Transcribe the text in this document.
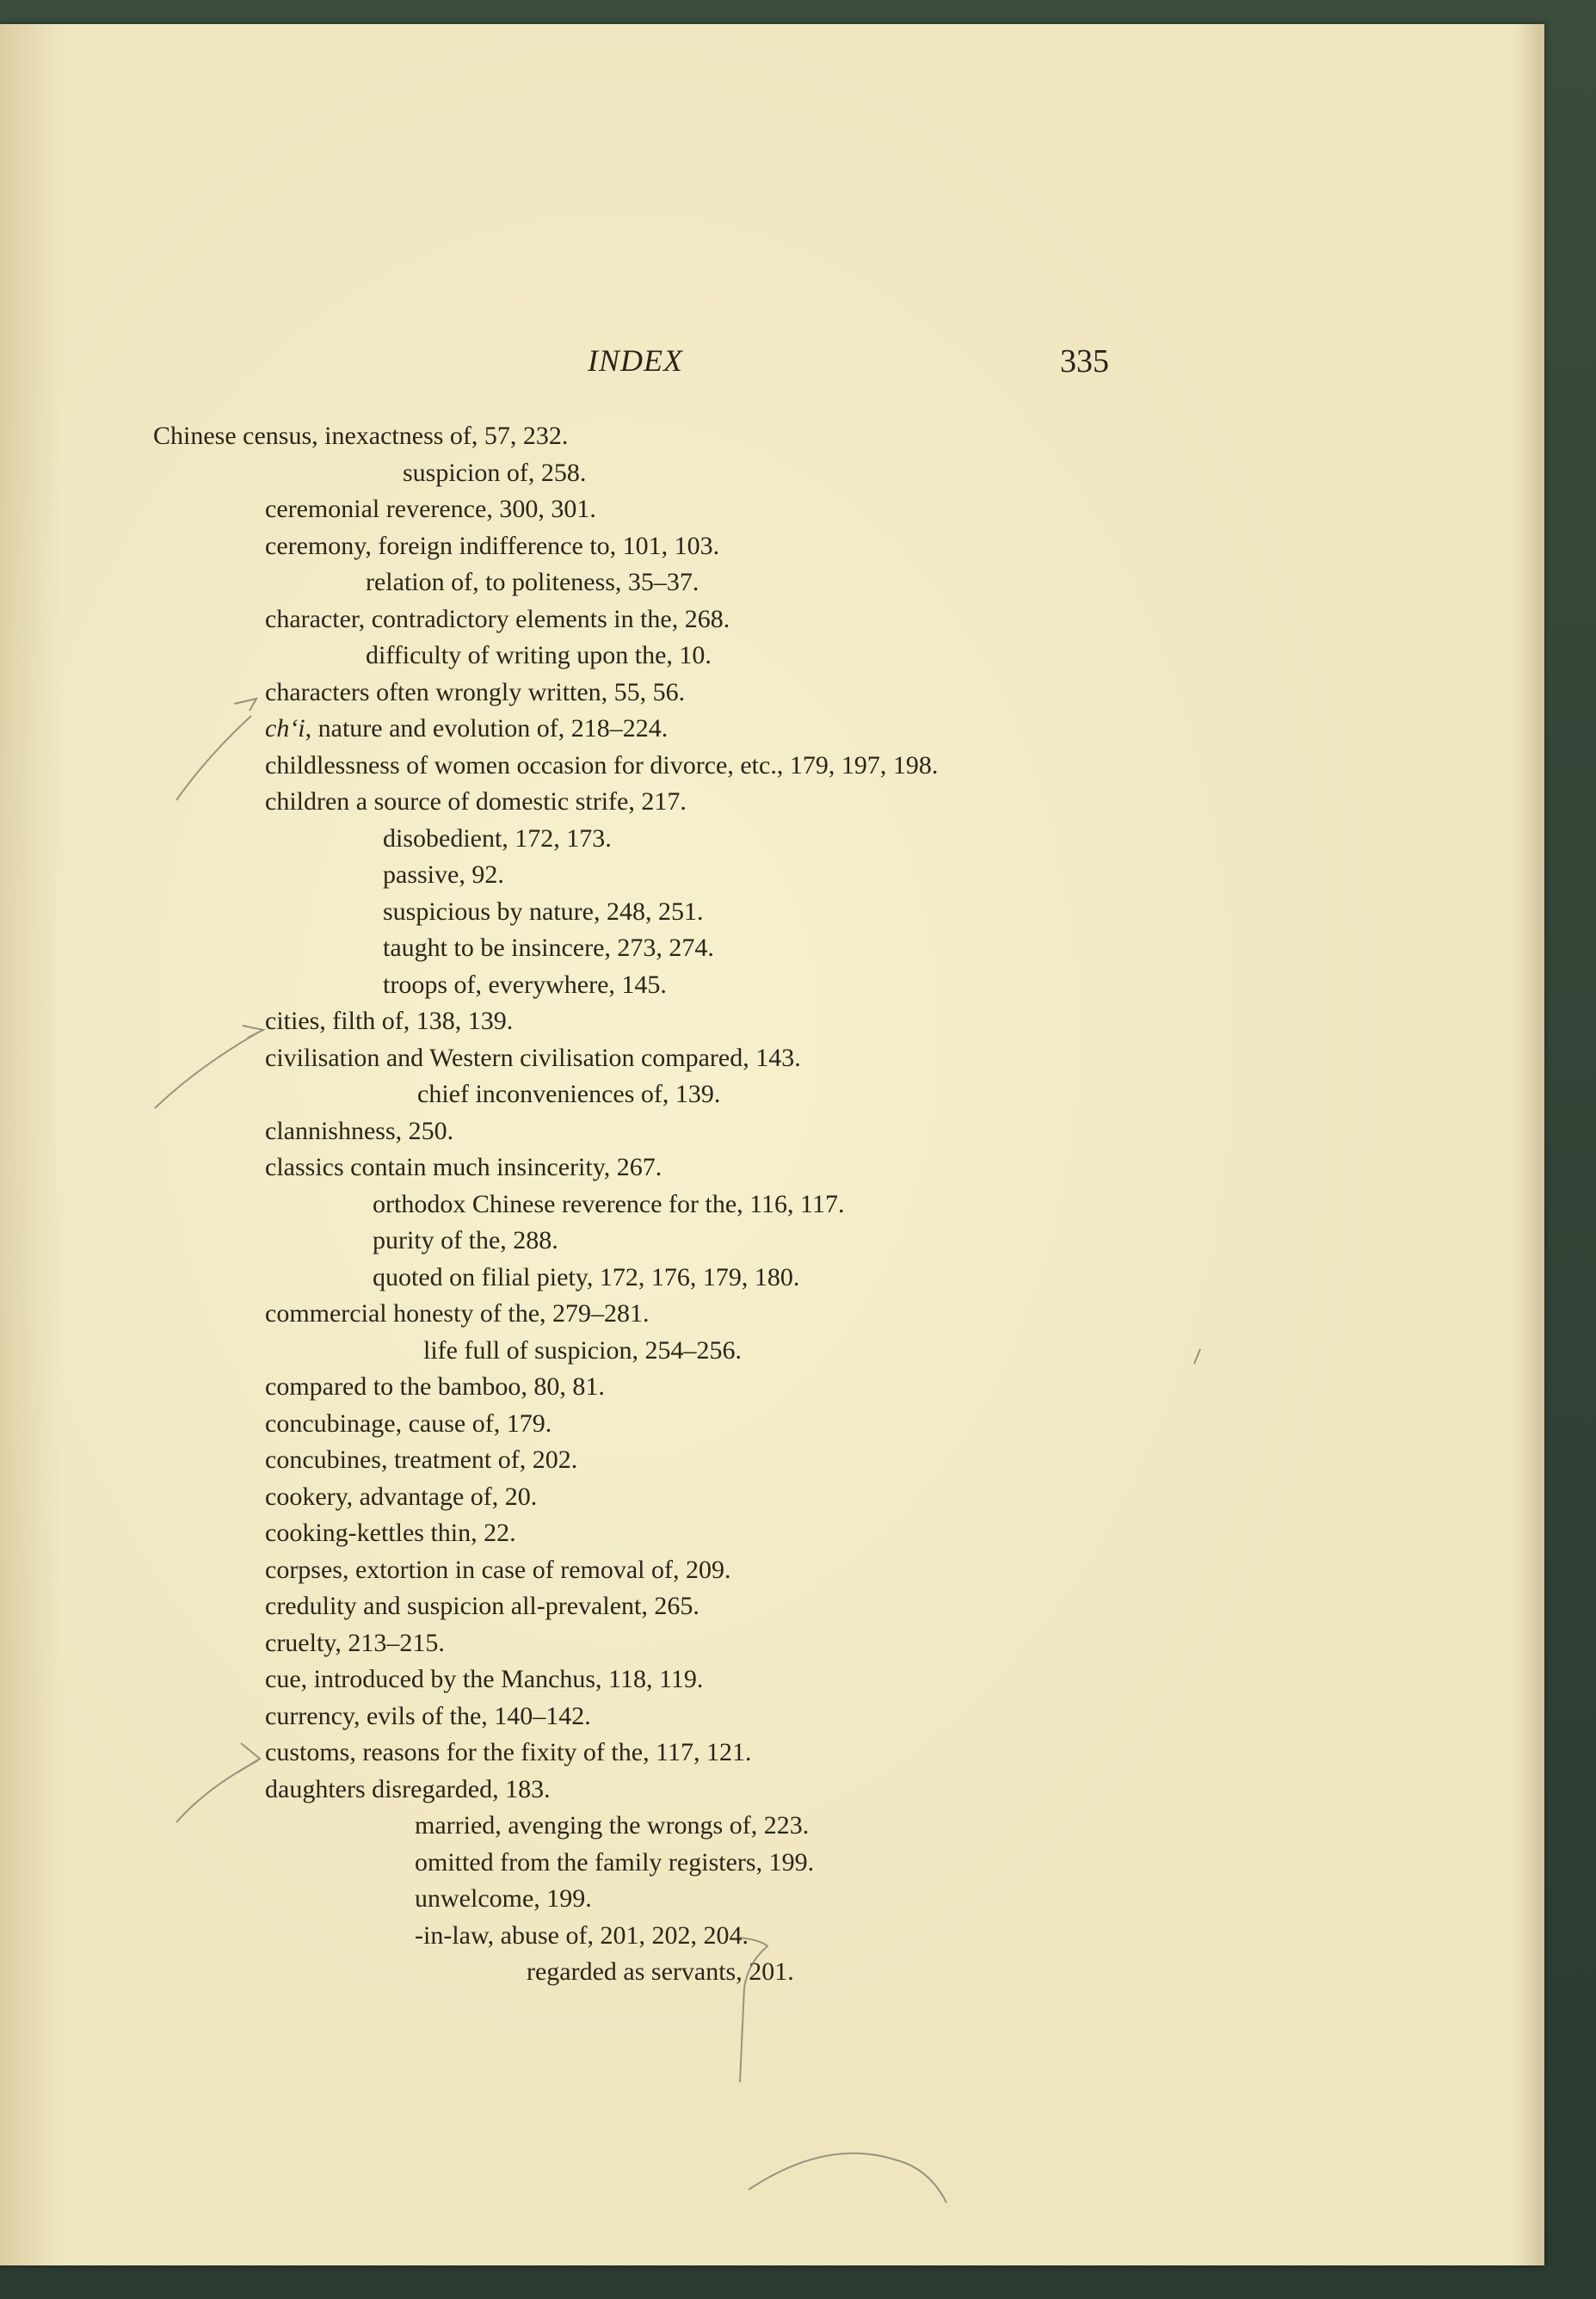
INDEX	335
Chinese census, inexactness of, 57, 232.
suspicion of, 258.
ceremonial reverence, 300, 301.
ceremony, foreign indifference to, 101, 103.
relation of, to politeness, 35–37.
character, contradictory elements in the, 268.
difficulty of writing upon the, 10.
characters often wrongly written, 55, 56.
ch‘i, nature and evolution of, 218–224.
childlessness of women occasion for divorce, etc., 179, 197, 198.
children a source of domestic strife, 217.
disobedient, 172, 173.
passive, 92.
suspicious by nature, 248, 251.
taught to be insincere, 273, 274.
troops of, everywhere, 145.
cities, filth of, 138, 139.
civilisation and Western civilisation compared, 143.
chief inconveniences of, 139.
clannishness, 250.
classics contain much insincerity, 267.
orthodox Chinese reverence for the, 116, 117.
purity of the, 288.
quoted on filial piety, 172, 176, 179, 180.
commercial honesty of the, 279–281.
life full of suspicion, 254–256.
compared to the bamboo, 80, 81.
concubinage, cause of, 179.
concubines, treatment of, 202.
cookery, advantage of, 20.
cooking-kettles thin, 22.
corpses, extortion in case of removal of, 209.
credulity and suspicion all-prevalent, 265.
cruelty, 213–215.
cue, introduced by the Manchus, 118, 119.
currency, evils of the, 140–142.
customs, reasons for the fixity of the, 117, 121.
daughters disregarded, 183.
married, avenging the wrongs of, 223.
omitted from the family registers, 199.
unwelcome, 199.
-in-law, abuse of, 201, 202, 204.
regarded as servants, 201.
